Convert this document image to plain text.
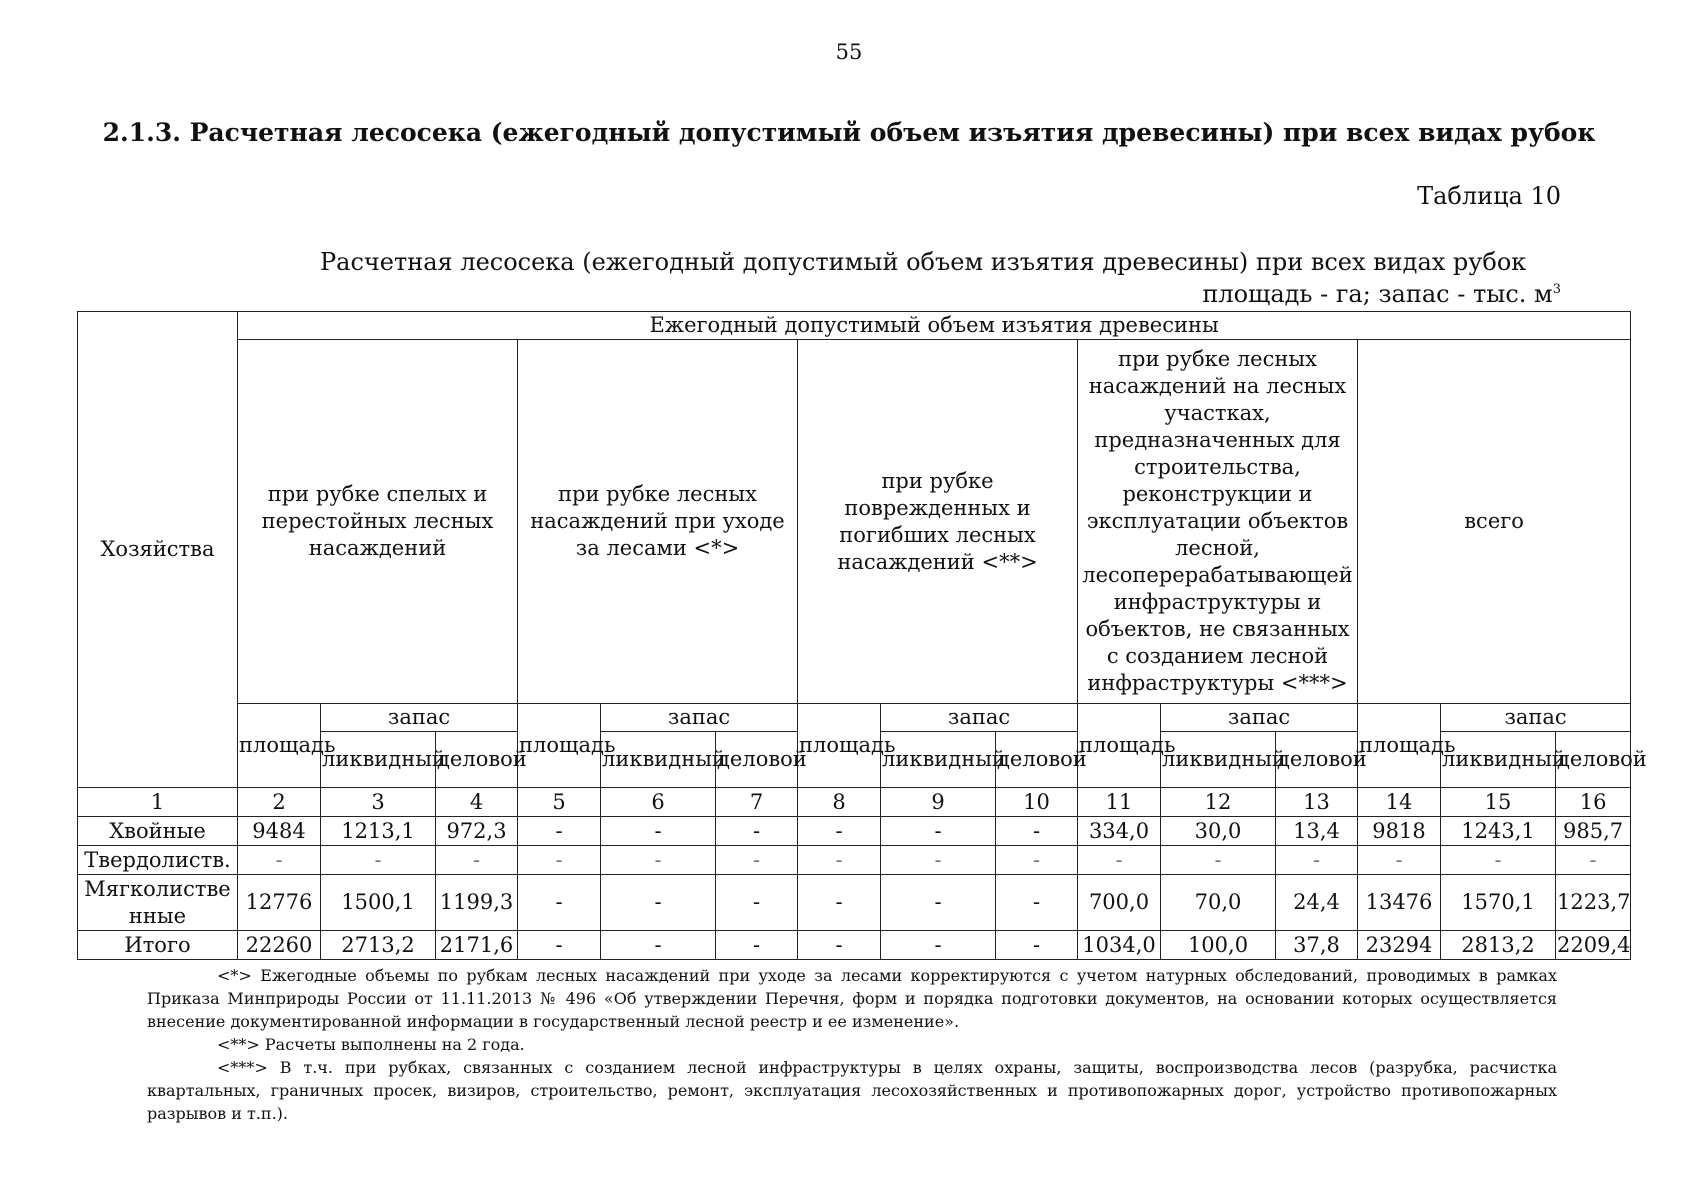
55
2.1.3. Расчетная лесосека (ежегодный допустимый объем изъятия древесины) при всех видах рубок
Таблица 10
Расчетная лесосека (ежегодный допустимый объем изъятия древесины) при всех видах рубок
площадь - га; запас - тыс. $м^3$
Хозяйства	Ежегодный допустимый объем изъятия древесины														
	при рубке спелых и перестойных лесных насаждений			при рубке лесных насаждений при уходе за лесами <*>			при рубке поврежденных и погибших лесных насаждений <**>			при рубке лесных насаждений на лесных участках, предназначенных для строительства, реконструкции и эксплуатации объектов лесной, лесоперерабатывающей инфраструктуры и объектов, не связанных с созданием лесной инфраструктуры <***>			всего		
	площадь	запас		площадь	запас		площадь	запас		площадь	запас		площадь	запас	
		ликвидный	деловой		ликвидный	деловой		ликвидный	деловой		ликвидный	деловой		ликвидный	деловой
1	2	3	4	5	6	7	8	9	10	11	12	13	14	15	16
Хвойные	9484	1213,1	972,3	-	-	-	-	-	-	334,0	30,0	13,4	9818	1243,1	985,7
Твердолиств.	-	-	-	-	-	-	-	-	-	-	-	-	-	-	-
Мягколиственные	12776	1500,1	1199,3	-	-	-	-	-	-	700,0	70,0	24,4	13476	1570,1	1223,7
Итого	22260	2713,2	2171,6	-	-	-	-	-	-	1034,0	100,0	37,8	23294	2813,2	2209,4

<*> Ежегодные объемы по рубкам лесных насаждений при уходе за лесами корректируются с учетом натурных обследований, проводимых в рамках Приказа Минприроды России от 11.11.2013 № 496 «Об утверждении Перечня, форм и порядка подготовки документов, на основании которых осуществляется внесение документированной информации в государственный лесной реестр и ее изменение».

<**> Расчеты выполнены на 2 года.

<***> В т.ч. при рубках, связанных с созданием лесной инфраструктуры в целях охраны, защиты, воспроизводства лесов (разрубка, расчистка квартальных, граничных просек, визиров, строительство, ремонт, эксплуатация лесохозяйственных и противопожарных дорог, устройство противопожарных разрывов и т.п.).
